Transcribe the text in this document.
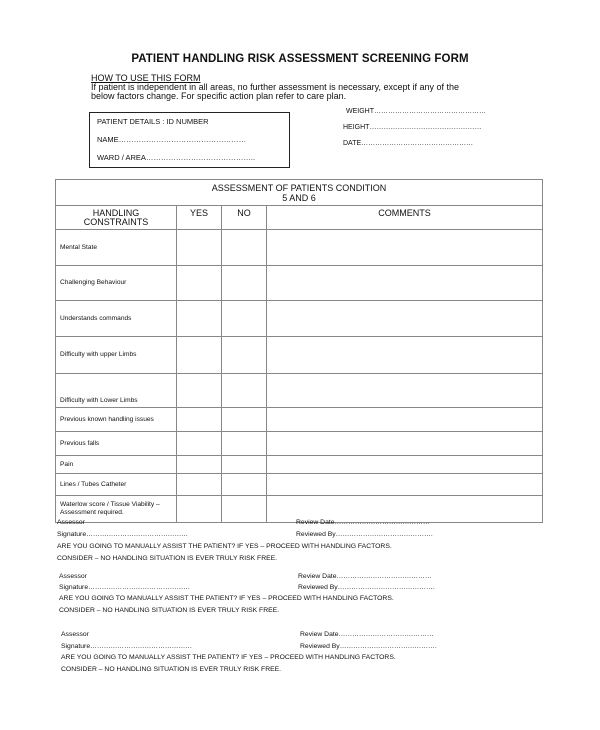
PATIENT HANDLING RISK ASSESSMENT SCREENING FORM
HOW TO USE THIS FORM
If patient is independent in all areas, no further assessment is necessary, except if any of the
below factors change. For specific action plan refer to care plan.
PATIENT DETAILS : ID NUMBER
NAME……………………………………………
WARD / AREA……………………………………..
WEIGHT…………………………………………
HEIGHT…………………………………………
DATE…………………………………………
ASSESSMENT OF PATIENTS CONDITION
5 AND 6			

HANDLING
CONSTRAINTS	YES	NO	COMMENTS
Mental State			
Challenging Behaviour			
Understands commands			
Difficulty with upper Limbs			
Difficulty with Lower Limbs			
Previous known handling issues			
Previous falls			
Pain			
Lines / Tubes Catheter			

Waterlow score / Tissue Viability –
Assessment required.			

Assessor	Review Date……………………………………
Signature………………………………………	Reviewed By…………………………………….
ARE YOU GOING TO MANUALLY ASSIST THE PATIENT? IF YES – PROCEED WITH HANDLING FACTORS.
CONSIDER – NO HANDLING SITUATION IS EVER TRULY RISK FREE.
Assessor	Review Date……………………………………
Signature………………………………………	Reviewed By…………………………………….
ARE YOU GOING TO MANUALLY ASSIST THE PATIENT? IF YES – PROCEED WITH HANDLING FACTORS.
CONSIDER – NO HANDLING SITUATION IS EVER TRULY RISK FREE.
Assessor	Review Date……………………………………
Signature………………………………………	Reviewed By…………………………………….
ARE YOU GOING TO MANUALLY ASSIST THE PATIENT? IF YES – PROCEED WITH HANDLING FACTORS.
CONSIDER – NO HANDLING SITUATION IS EVER TRULY RISK FREE.
